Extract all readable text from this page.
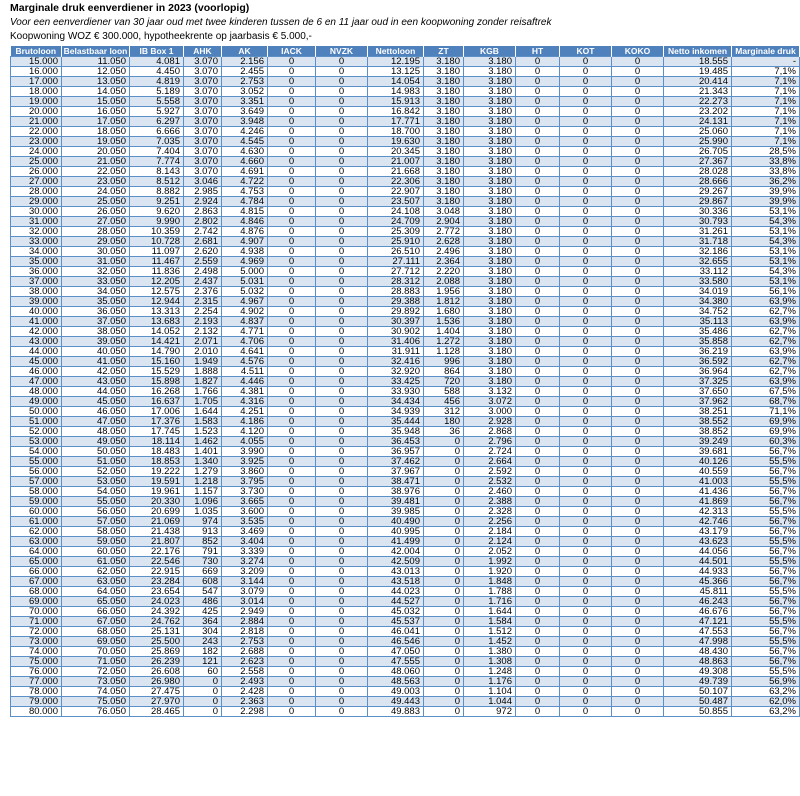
Marginale druk eenverdiener in 2023 (voorlopig)
Voor een eenverdiener van 30 jaar oud met twee kinderen tussen de 6 en 11 jaar oud in een koopwoning zonder reisaftrek
Koopwoning WOZ € 300.000, hypotheekrente op jaarbasis € 5.000,-
Brutoloon	Belastbaar loon	IB Box 1	AHK	AK	IACK	NVZK	Nettoloon	ZT	KGB	HT	KOT	KOKO	Netto inkomen	Marginale druk
15.000	11.050	4.081	3.070	2.156	0	0	12.195	3.180	3.180	0	0	0	18.555	-
16.000	12.050	4.450	3.070	2.455	0	0	13.125	3.180	3.180	0	0	0	19.485	7,1%
17.000	13.050	4.819	3.070	2.753	0	0	14.054	3.180	3.180	0	0	0	20.414	7,1%
18.000	14.050	5.189	3.070	3.052	0	0	14.983	3.180	3.180	0	0	0	21.343	7,1%
19.000	15.050	5.558	3.070	3.351	0	0	15.913	3.180	3.180	0	0	0	22.273	7,1%
20.000	16.050	5.927	3.070	3.649	0	0	16.842	3.180	3.180	0	0	0	23.202	7,1%
21.000	17.050	6.297	3.070	3.948	0	0	17.771	3.180	3.180	0	0	0	24.131	7,1%
22.000	18.050	6.666	3.070	4.246	0	0	18.700	3.180	3.180	0	0	0	25.060	7,1%
23.000	19.050	7.035	3.070	4.545	0	0	19.630	3.180	3.180	0	0	0	25.990	7,1%
24.000	20.050	7.404	3.070	4.630	0	0	20.345	3.180	3.180	0	0	0	26.705	28,5%
25.000	21.050	7.774	3.070	4.660	0	0	21.007	3.180	3.180	0	0	0	27.367	33,8%
26.000	22.050	8.143	3.070	4.691	0	0	21.668	3.180	3.180	0	0	0	28.028	33,8%
27.000	23.050	8.512	3.046	4.722	0	0	22.306	3.180	3.180	0	0	0	28.666	36,2%
28.000	24.050	8.882	2.985	4.753	0	0	22.907	3.180	3.180	0	0	0	29.267	39,9%
29.000	25.050	9.251	2.924	4.784	0	0	23.507	3.180	3.180	0	0	0	29.867	39,9%
30.000	26.050	9.620	2.863	4.815	0	0	24.108	3.048	3.180	0	0	0	30.336	53,1%
31.000	27.050	9.990	2.802	4.846	0	0	24.709	2.904	3.180	0	0	0	30.793	54,3%
32.000	28.050	10.359	2.742	4.876	0	0	25.309	2.772	3.180	0	0	0	31.261	53,1%
33.000	29.050	10.728	2.681	4.907	0	0	25.910	2.628	3.180	0	0	0	31.718	54,3%
34.000	30.050	11.097	2.620	4.938	0	0	26.510	2.496	3.180	0	0	0	32.186	53,1%
35.000	31.050	11.467	2.559	4.969	0	0	27.111	2.364	3.180	0	0	0	32.655	53,1%
36.000	32.050	11.836	2.498	5.000	0	0	27.712	2.220	3.180	0	0	0	33.112	54,3%
37.000	33.050	12.205	2.437	5.031	0	0	28.312	2.088	3.180	0	0	0	33.580	53,1%
38.000	34.050	12.575	2.376	5.032	0	0	28.883	1.956	3.180	0	0	0	34.019	56,1%
39.000	35.050	12.944	2.315	4.967	0	0	29.388	1.812	3.180	0	0	0	34.380	63,9%
40.000	36.050	13.313	2.254	4.902	0	0	29.892	1.680	3.180	0	0	0	34.752	62,7%
41.000	37.050	13.683	2.193	4.837	0	0	30.397	1.536	3.180	0	0	0	35.113	63,9%
42.000	38.050	14.052	2.132	4.771	0	0	30.902	1.404	3.180	0	0	0	35.486	62,7%
43.000	39.050	14.421	2.071	4.706	0	0	31.406	1.272	3.180	0	0	0	35.858	62,7%
44.000	40.050	14.790	2.010	4.641	0	0	31.911	1.128	3.180	0	0	0	36.219	63,9%
45.000	41.050	15.160	1.949	4.576	0	0	32.416	996	3.180	0	0	0	36.592	62,7%
46.000	42.050	15.529	1.888	4.511	0	0	32.920	864	3.180	0	0	0	36.964	62,7%
47.000	43.050	15.898	1.827	4.446	0	0	33.425	720	3.180	0	0	0	37.325	63,9%
48.000	44.050	16.268	1.766	4.381	0	0	33.930	588	3.132	0	0	0	37.650	67,5%
49.000	45.050	16.637	1.705	4.316	0	0	34.434	456	3.072	0	0	0	37.962	68,7%
50.000	46.050	17.006	1.644	4.251	0	0	34.939	312	3.000	0	0	0	38.251	71,1%
51.000	47.050	17.376	1.583	4.186	0	0	35.444	180	2.928	0	0	0	38.552	69,9%
52.000	48.050	17.745	1.523	4.120	0	0	35.948	36	2.868	0	0	0	38.852	69,9%
53.000	49.050	18.114	1.462	4.055	0	0	36.453	0	2.796	0	0	0	39.249	60,3%
54.000	50.050	18.483	1.401	3.990	0	0	36.957	0	2.724	0	0	0	39.681	56,7%
55.000	51.050	18.853	1.340	3.925	0	0	37.462	0	2.664	0	0	0	40.126	55,5%
56.000	52.050	19.222	1.279	3.860	0	0	37.967	0	2.592	0	0	0	40.559	56,7%
57.000	53.050	19.591	1.218	3.795	0	0	38.471	0	2.532	0	0	0	41.003	55,5%
58.000	54.050	19.961	1.157	3.730	0	0	38.976	0	2.460	0	0	0	41.436	56,7%
59.000	55.050	20.330	1.096	3.665	0	0	39.481	0	2.388	0	0	0	41.869	56,7%
60.000	56.050	20.699	1.035	3.600	0	0	39.985	0	2.328	0	0	0	42.313	55,5%
61.000	57.050	21.069	974	3.535	0	0	40.490	0	2.256	0	0	0	42.746	56,7%
62.000	58.050	21.438	913	3.469	0	0	40.995	0	2.184	0	0	0	43.179	56,7%
63.000	59.050	21.807	852	3.404	0	0	41.499	0	2.124	0	0	0	43.623	55,5%
64.000	60.050	22.176	791	3.339	0	0	42.004	0	2.052	0	0	0	44.056	56,7%
65.000	61.050	22.546	730	3.274	0	0	42.509	0	1.992	0	0	0	44.501	55,5%
66.000	62.050	22.915	669	3.209	0	0	43.013	0	1.920	0	0	0	44.933	56,7%
67.000	63.050	23.284	608	3.144	0	0	43.518	0	1.848	0	0	0	45.366	56,7%
68.000	64.050	23.654	547	3.079	0	0	44.023	0	1.788	0	0	0	45.811	55,5%
69.000	65.050	24.023	486	3.014	0	0	44.527	0	1.716	0	0	0	46.243	56,7%
70.000	66.050	24.392	425	2.949	0	0	45.032	0	1.644	0	0	0	46.676	56,7%
71.000	67.050	24.762	364	2.884	0	0	45.537	0	1.584	0	0	0	47.121	55,5%
72.000	68.050	25.131	304	2.818	0	0	46.041	0	1.512	0	0	0	47.553	56,7%
73.000	69.050	25.500	243	2.753	0	0	46.546	0	1.452	0	0	0	47.998	55,5%
74.000	70.050	25.869	182	2.688	0	0	47.050	0	1.380	0	0	0	48.430	56,7%
75.000	71.050	26.239	121	2.623	0	0	47.555	0	1.308	0	0	0	48.863	56,7%
76.000	72.050	26.608	60	2.558	0	0	48.060	0	1.248	0	0	0	49.308	55,5%
77.000	73.050	26.980	0	2.493	0	0	48.563	0	1.176	0	0	0	49.739	56,9%
78.000	74.050	27.475	0	2.428	0	0	49.003	0	1.104	0	0	0	50.107	63,2%
79.000	75.050	27.970	0	2.363	0	0	49.443	0	1.044	0	0	0	50.487	62,0%
80.000	76.050	28.465	0	2.298	0	0	49.883	0	972	0	0	0	50.855	63,2%
